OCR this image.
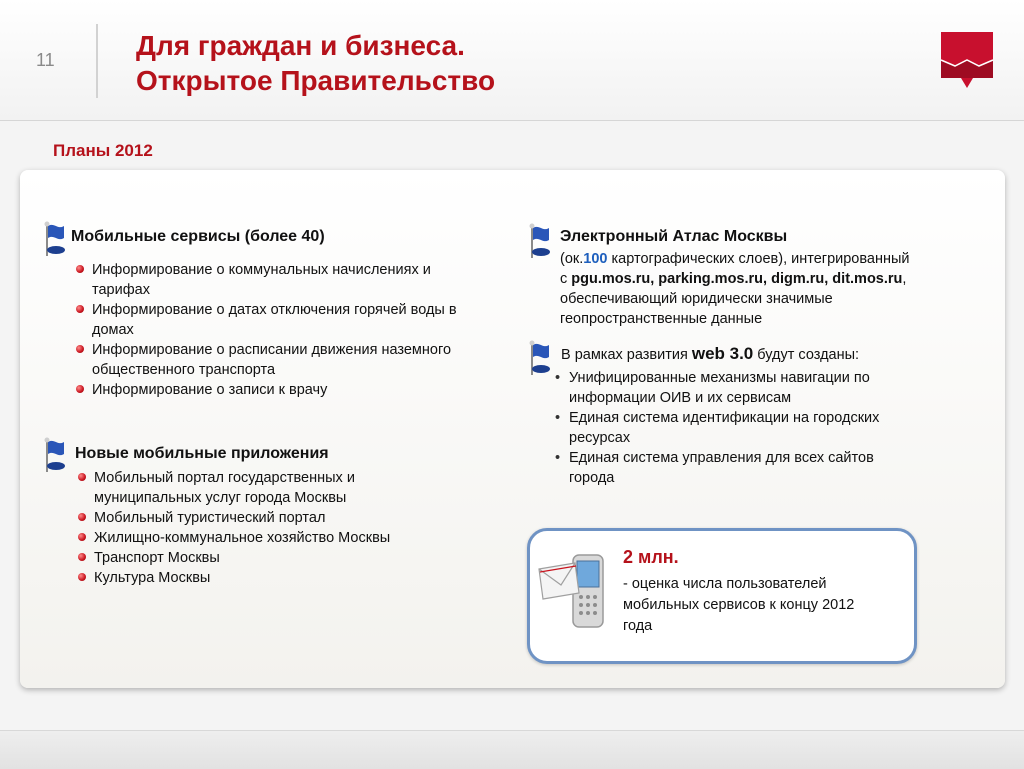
11	Для граждан и бизнеса.
Открытое Правительство
Планы 2012
Мобильные сервисы (более 40)
Информирование о коммунальных начислениях и тарифах
Информирование о датах отключения горячей воды в домах
Информирование о расписании движения наземного общественного транспорта
Информирование о записи к врачу
Новые мобильные приложения
Мобильный портал государственных и муниципальных услуг города Москвы
Мобильный туристический портал
Жилищно-коммунальное хозяйство Москвы
Транспорт Москвы
Культура Москвы
Электронный Атлас Москвы
(ок.100 картографических слоев), интегрированный
с pgu.mos.ru, parking.mos.ru, digm.ru, dit.mos.ru,
обеспечивающий юридически значимые
геопространственные данные
В рамках развития web 3.0 будут созданы:
• Унифицированные механизмы навигации по информации ОИВ и их сервисам
• Единая система идентификации на городских ресурсах
• Единая система управления для всех сайтов города
2 млн.
- оценка числа пользователей мобильных сервисов к концу 2012 года
